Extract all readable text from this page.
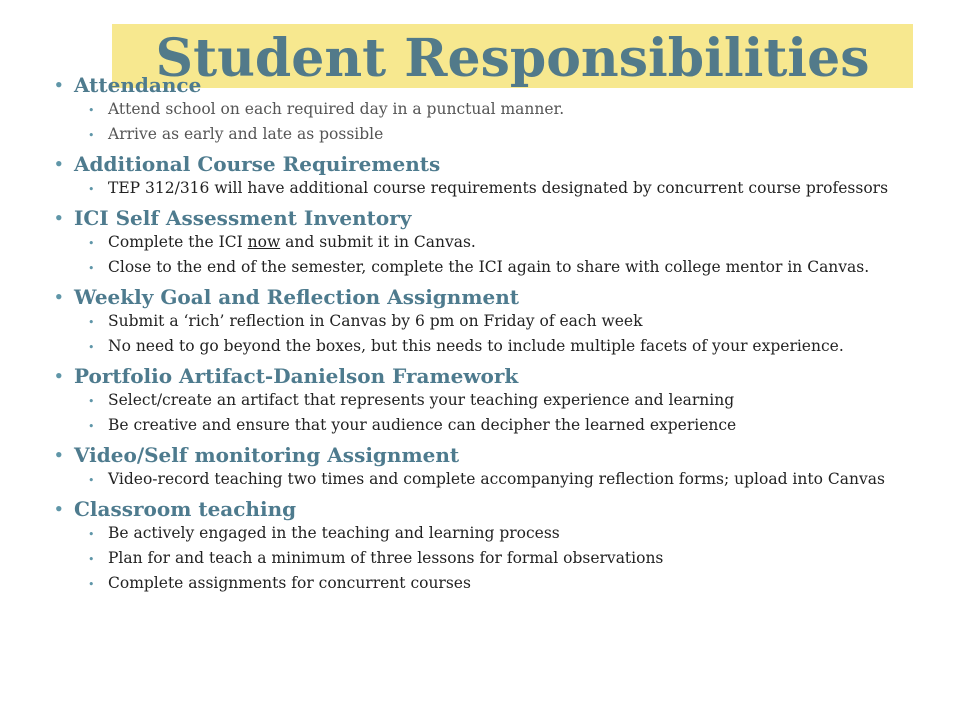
• Attendance
• Attend school on each required day in a punctual manner.
• Arrive as early and late as possible
• Additional Course Requirements
• TEP 312/316 will have additional course requirements designated by concurrent course professors
• ICI Self Assessment Inventory
• Complete the ICI now and submit it in Canvas.
• Close to the end of the semester, complete the ICI again to share with college mentor in Canvas.
• Weekly Goal and Reflection Assignment
• Submit a ‘rich’ reflection in Canvas by 6 pm on Friday of each week
• No need to go beyond the boxes, but this needs to include multiple facets of your experience.
• Portfolio Artifact-Danielson Framework
• Select/create an artifact that represents your teaching experience and learning
• Be creative and ensure that your audience can decipher the learned experience
• Video/Self monitoring Assignment
• Video-record teaching two times and complete accompanying reflection forms; upload into Canvas
• Classroom teaching
• Be actively engaged in the teaching and learning process
• Plan for and teach a minimum of three lessons for formal observations
• Complete assignments for concurrent courses
Student Responsibilities
